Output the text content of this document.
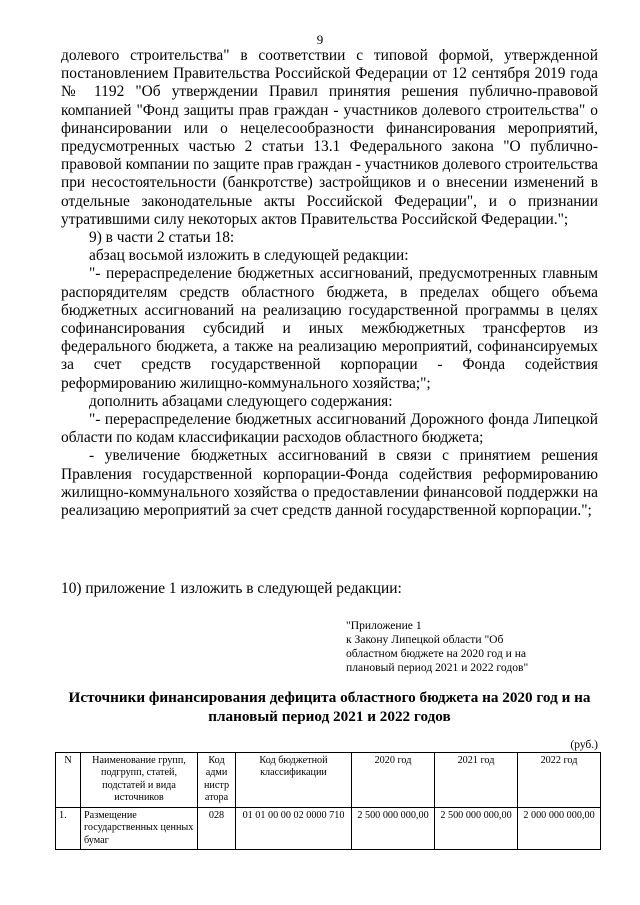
9

долевого строительства" в соответствии с типовой формой, утвержденной постановлением Правительства Российской Федерации от 12 сентября 2019 года № 1192 "Об утверждении Правил принятия решения публично-правовой компанией "Фонд защиты прав граждан - участников долевого строительства" о финансировании или о нецелесообразности финансирования мероприятий, предусмотренных частью 2 статьи 13.1 Федерального закона "О публично-правовой компании по защите прав граждан - участников долевого строительства при несостоятельности (банкротстве) застройщиков и о внесении изменений в отдельные законодательные акты Российской Федерации", и о признании утратившими силу некоторых актов Правительства Российской Федерации.";

9) в части 2 статьи 18:

абзац восьмой изложить в следующей редакции:

"- перераспределение бюджетных ассигнований, предусмотренных главным распорядителям средств областного бюджета, в пределах общего объема бюджетных ассигнований на реализацию государственной программы в целях софинансирования субсидий и иных межбюджетных трансфертов из федерального бюджета, а также на реализацию мероприятий, софинансируемых за счет средств государственной корпорации - Фонда содействия реформированию жилищно-коммунального хозяйства;";

дополнить абзацами следующего содержания:

"- перераспределение бюджетных ассигнований Дорожного фонда Липецкой области по кодам классификации расходов областного бюджета;

- увеличение бюджетных ассигнований в связи с принятием решения Правления государственной корпорации-Фонда содействия реформированию жилищно-коммунального хозяйства о предоставлении финансовой поддержки на реализацию мероприятий за счет средств данной государственной корпорации.";

10) приложение 1 изложить в следующей редакции:
"Приложение 1
к Закону Липецкой области "Об
областном бюджете на 2020 год и на
плановый период 2021 и 2022 годов"
Источники финансирования дефицита областного бюджета на 2020 год и на плановый период 2021 и 2022 годов
(руб.)
N	Наименование групп, подгрупп, статей, подстатей и вида источников	Код адми нистр атора	Код бюджетной классификации	2020 год	2021 год	2022 год
1.	Размещение государственных ценных бумаг	028	01 01 00 00 02 0000 710	2 500 000 000,00	2 500 000 000,00	2 000 000 000,00
